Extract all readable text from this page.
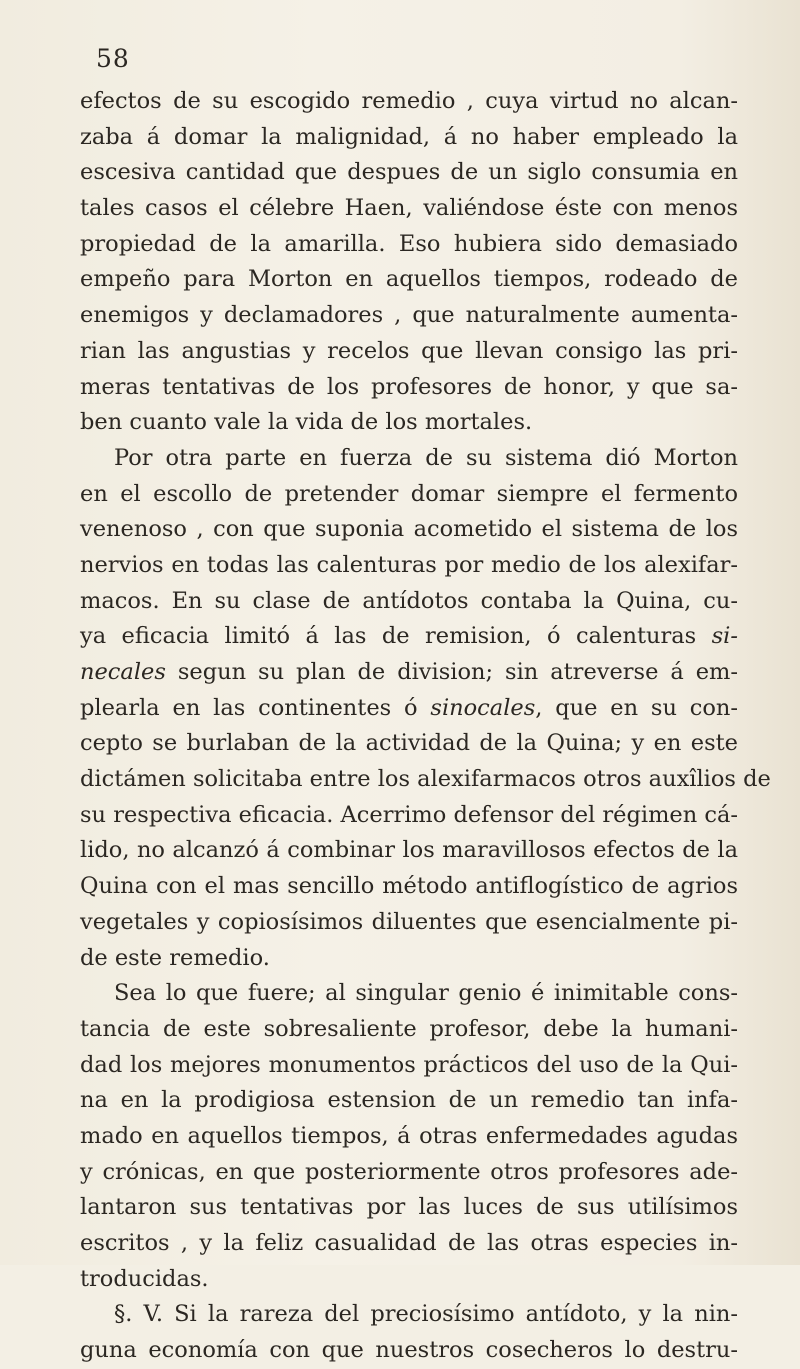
58
efectos de su escogido remedio , cuya virtud no alcan-
zaba á domar la malignidad, á no haber empleado la
escesiva cantidad que despues de un siglo consumia en
tales casos el célebre Haen, valiéndose éste con menos
propiedad de la amarilla. Eso hubiera sido demasiado
empeño para Morton en aquellos tiempos, rodeado de
enemigos y declamadores , que naturalmente aumenta-
rian las angustias y recelos que llevan consigo las pri-
meras tentativas de los profesores de honor, y que sa-
ben cuanto vale la vida de los mortales.
Por otra parte en fuerza de su sistema dió Morton
en el escollo de pretender domar siempre el fermento
venenoso , con que suponia acometido el sistema de los
nervios en todas las calenturas por medio de los alexifar-
macos. En su clase de antídotos contaba la Quina, cu-
ya eficacia limitó á las de remision, ó calenturas si-
necales segun su plan de division; sin atreverse á em-
plearla en las continentes ó sinocales, que en su con-
cepto se burlaban de la actividad de la Quina; y en este
dictámen solicitaba entre los alexifarmacos otros auxîlios de
su respectiva eficacia. Acerrimo defensor del régimen cá-
lido, no alcanzó á combinar los maravillosos efectos de la
Quina con el mas sencillo método antiflogístico de agrios
vegetales y copiosísimos diluentes que esencialmente pi-
de este remedio.
Sea lo que fuere; al singular genio é inimitable cons-
tancia de este sobresaliente profesor, debe la humani-
dad los mejores monumentos prácticos del uso de la Qui-
na en la prodigiosa estension de un remedio tan infa-
mado en aquellos tiempos, á otras enfermedades agudas
y crónicas, en que posteriormente otros profesores ade-
lantaron sus tentativas por las luces de sus utilísimos
escritos , y la feliz casualidad de las otras especies in-
troducidas.
§. V. Si la rareza del preciosísimo antídoto, y la nin-
guna economía con que nuestros cosecheros lo destru-
